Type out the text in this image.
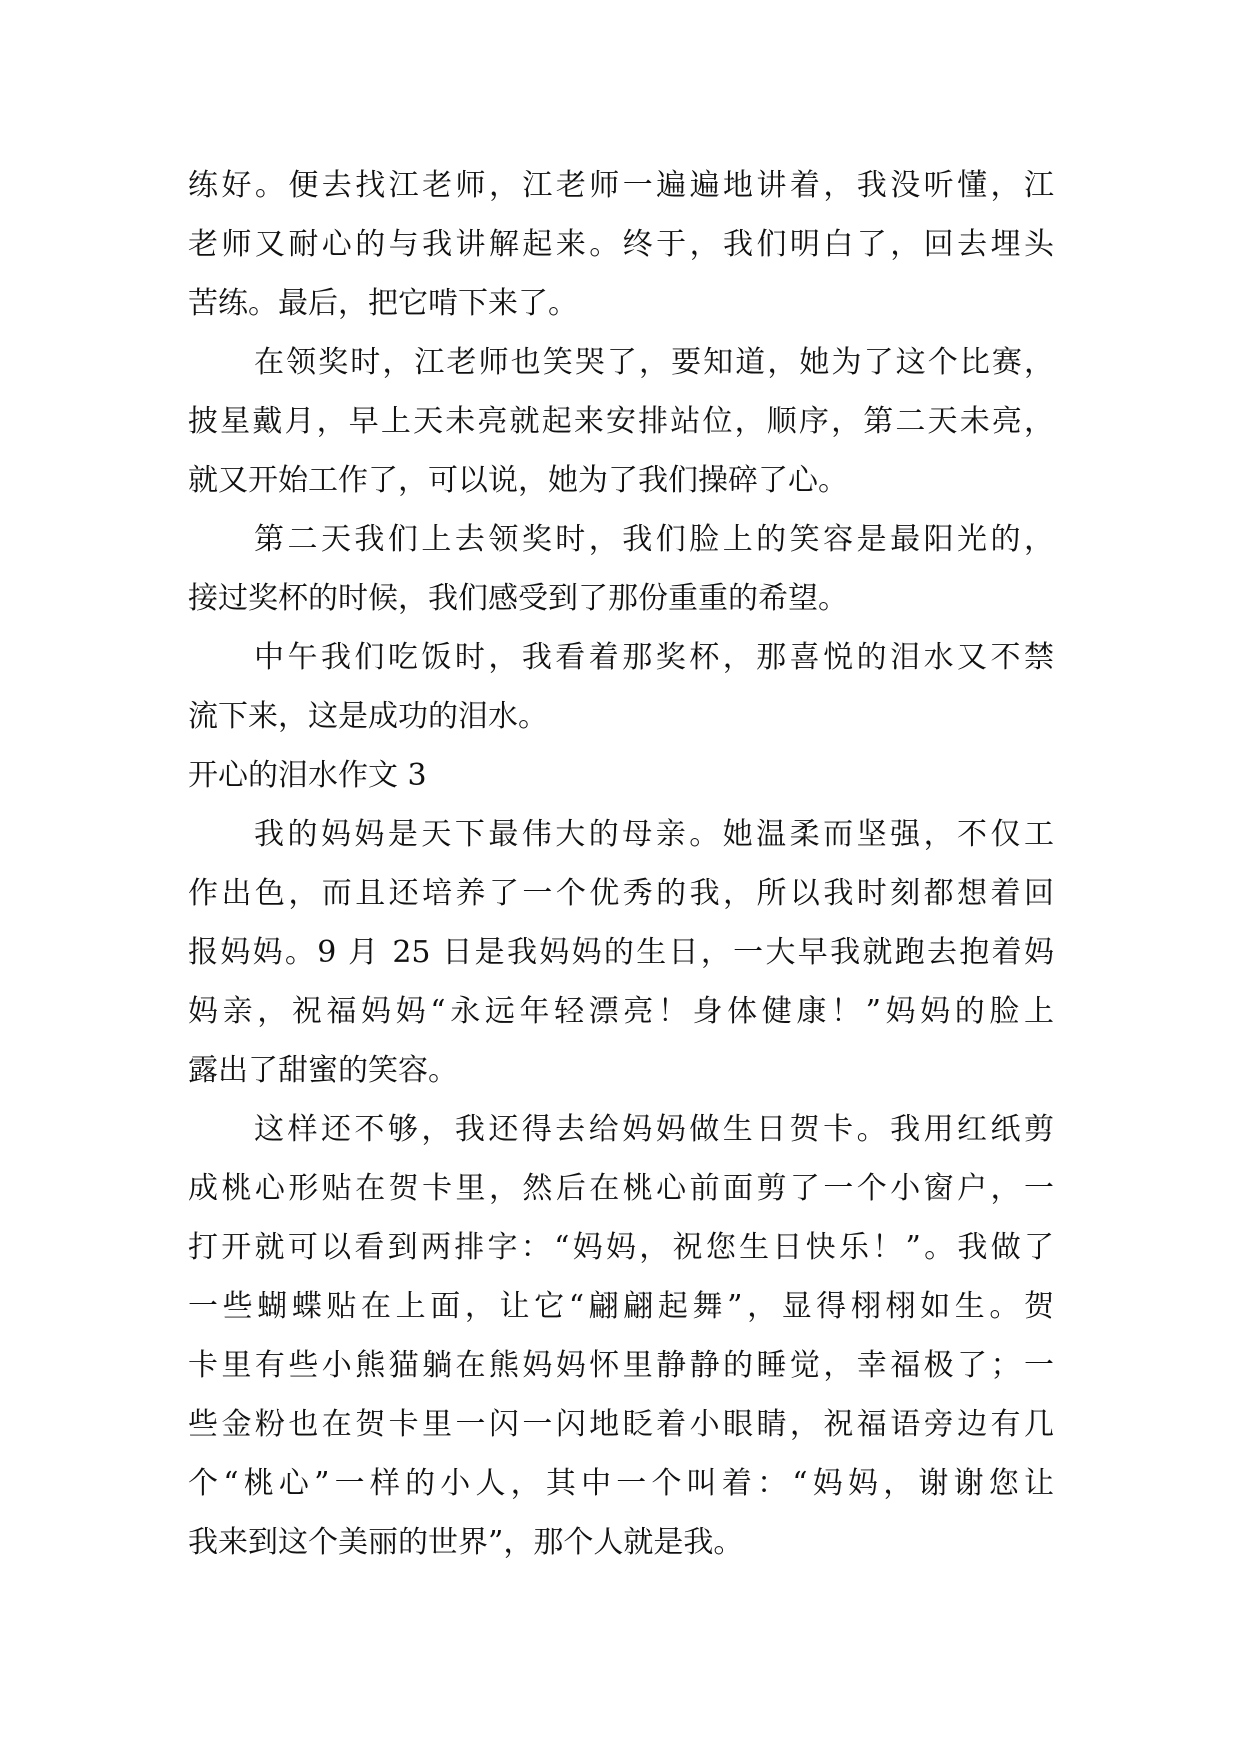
练好。便去找江老师，江老师一遍遍地讲着，我没听懂，江
老师又耐心的与我讲解起来。终于，我们明白了，回去埋头
苦练。最后，把它啃下来了。
在领奖时，江老师也笑哭了，要知道，她为了这个比赛，
披星戴月，早上天未亮就起来安排站位，顺序，第二天未亮，
就又开始工作了，可以说，她为了我们操碎了心。
第二天我们上去领奖时，我们脸上的笑容是最阳光的，
接过奖杯的时候，我们感受到了那份重重的希望。
中午我们吃饭时，我看着那奖杯，那喜悦的泪水又不禁
流下来，这是成功的泪水。
开心的泪水作文 3
我的妈妈是天下最伟大的母亲。她温柔而坚强，不仅工
作出色，而且还培养了一个优秀的我，所以我时刻都想着回
报妈妈。9 月 25 日是我妈妈的生日，一大早我就跑去抱着妈
妈亲，祝福妈妈“永远年轻漂亮！身体健康！”妈妈的脸上
露出了甜蜜的笑容。
这样还不够，我还得去给妈妈做生日贺卡。我用红纸剪
成桃心形贴在贺卡里，然后在桃心前面剪了一个小窗户，一
打开就可以看到两排字：“妈妈，祝您生日快乐！”。我做了
一些蝴蝶贴在上面，让它“翩翩起舞”，显得栩栩如生。贺
卡里有些小熊猫躺在熊妈妈怀里静静的睡觉，幸福极了；一
些金粉也在贺卡里一闪一闪地眨着小眼睛，祝福语旁边有几
个“桃心”一样的小人，其中一个叫着：“妈妈，谢谢您让
我来到这个美丽的世界”，那个人就是我。
